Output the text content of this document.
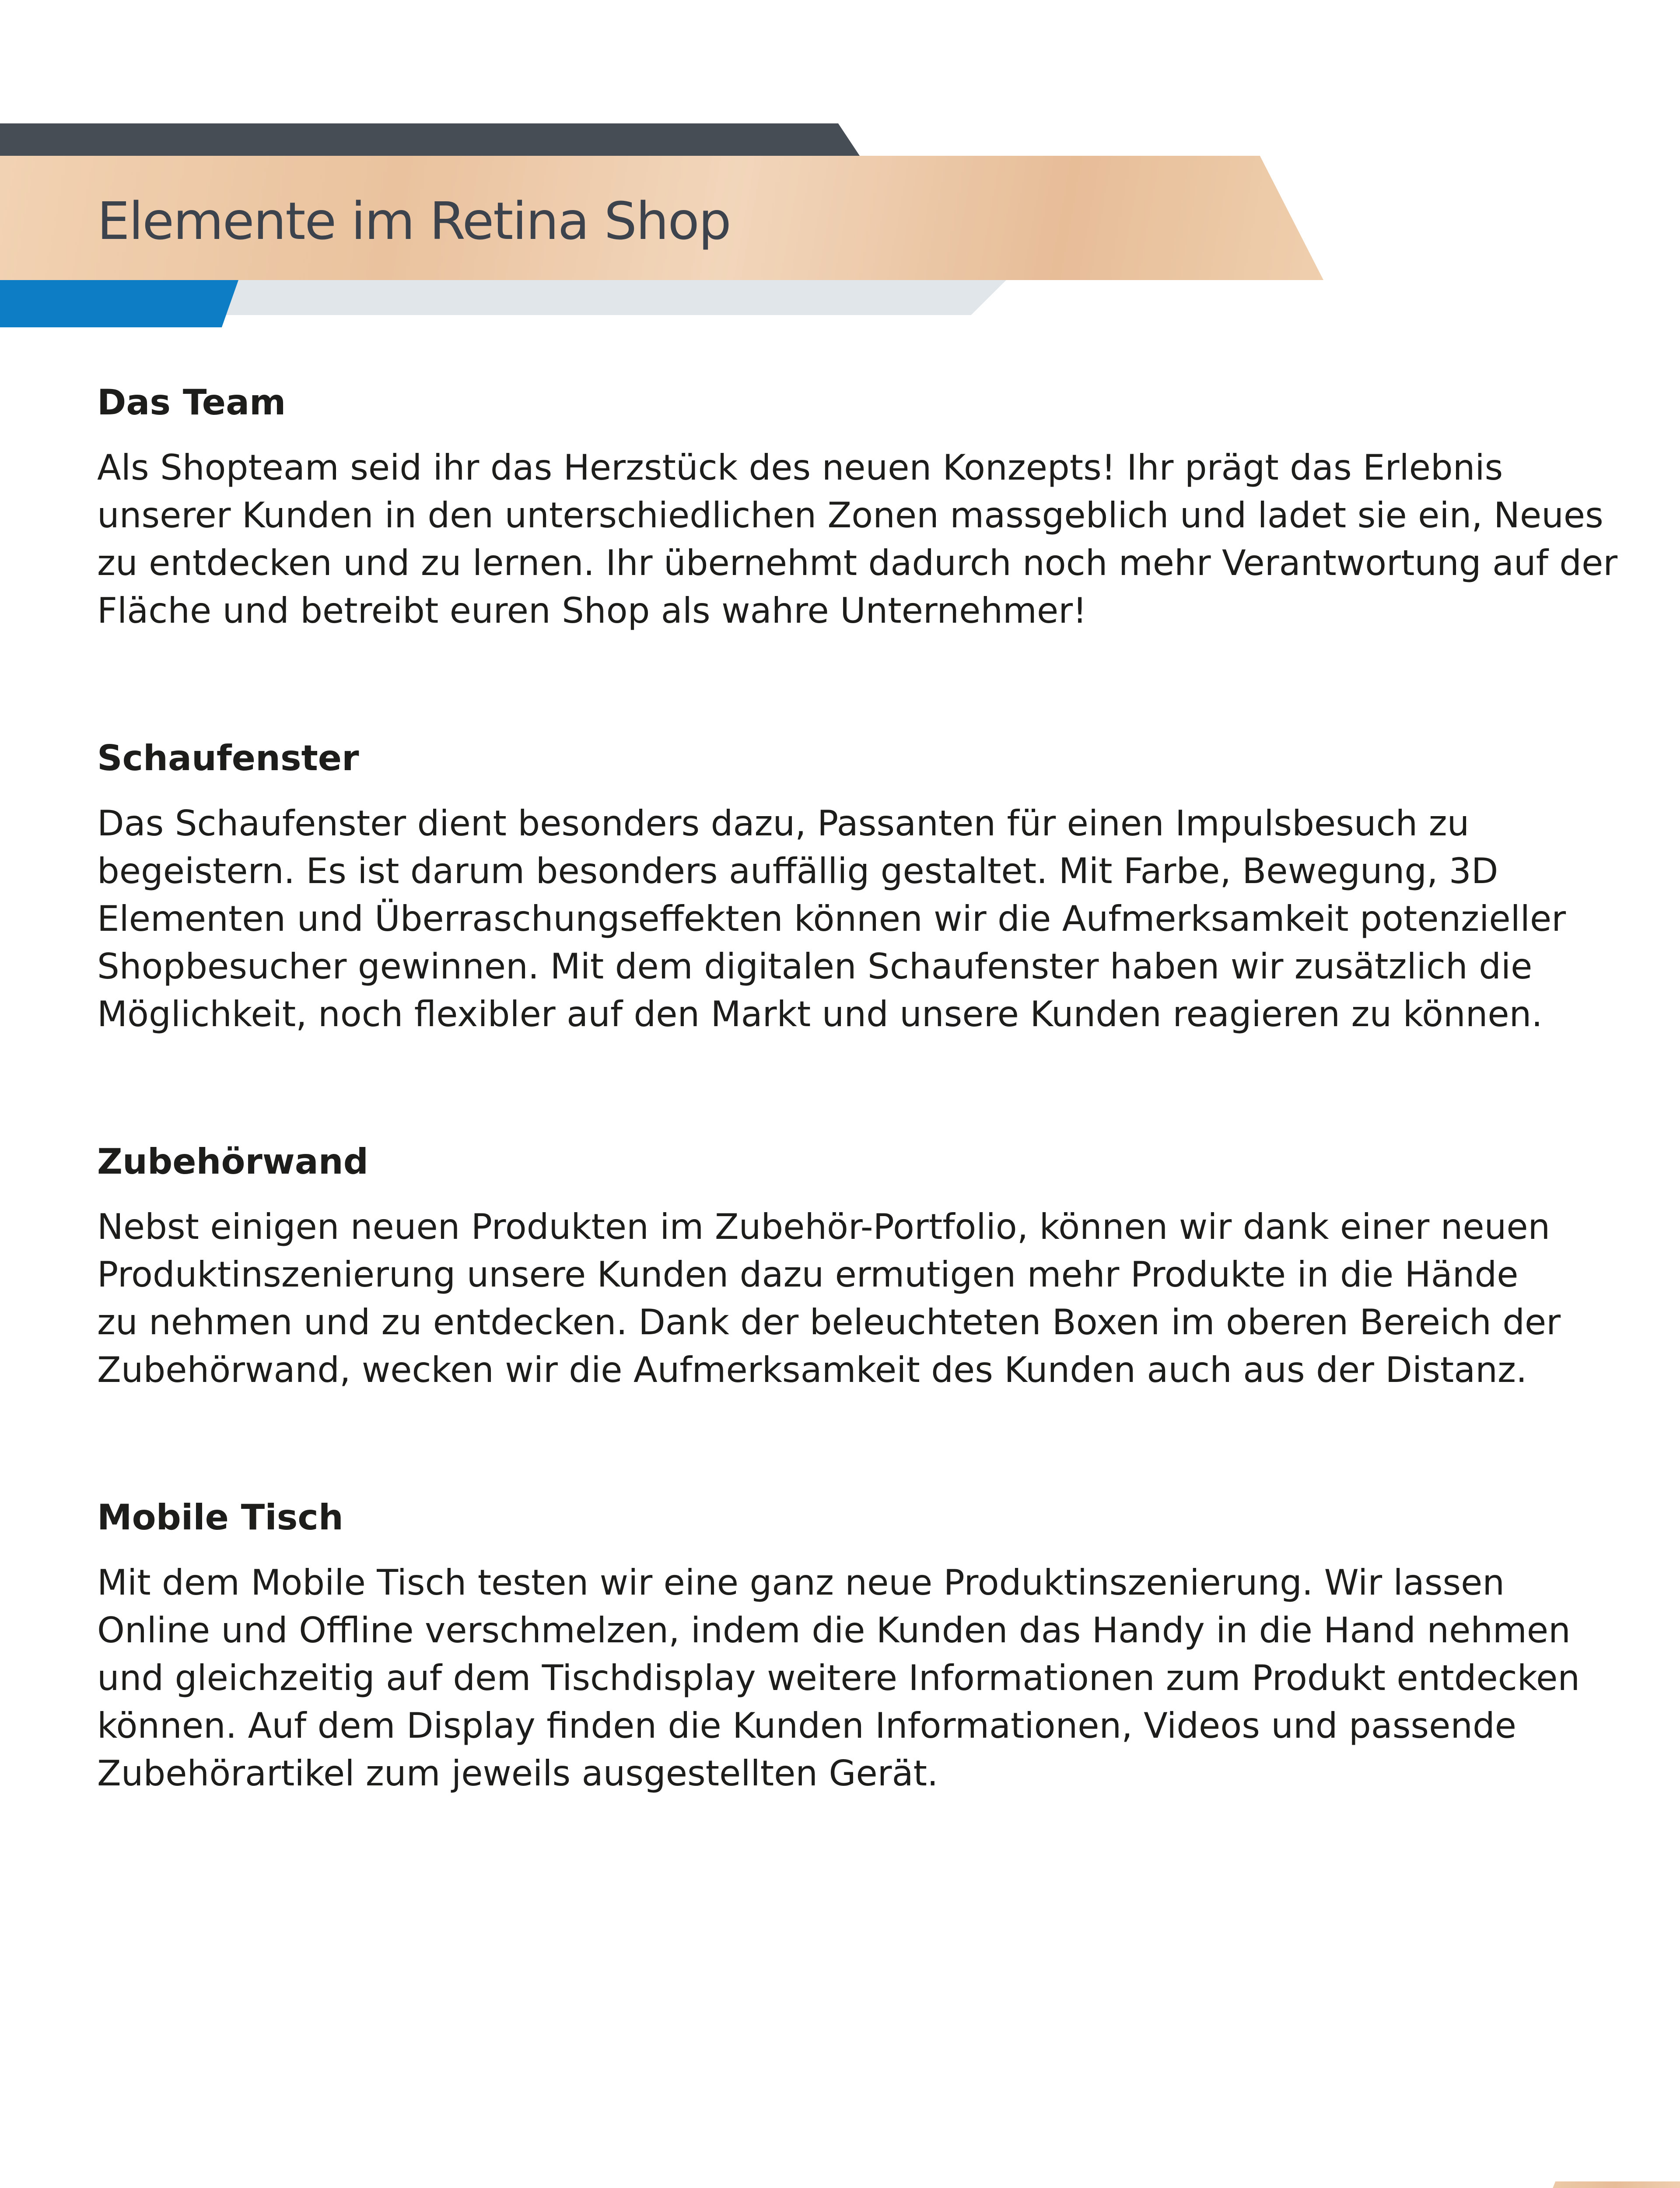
Elemente im Retina Shop
Das Team

Als Shopteam seid ihr das Herzstück des neuen Konzepts! Ihr prägt das Erlebnis
unserer Kunden in den unterschiedlichen Zonen massgeblich und ladet sie ein, Neues
zu entdecken und zu lernen. Ihr übernehmt dadurch noch mehr Verantwortung auf der
Fläche und betreibt euren Shop als wahre Unternehmer!

Schaufenster

Das Schaufenster dient besonders dazu, Passanten für einen Impulsbesuch zu
begeistern. Es ist darum besonders auffällig gestaltet. Mit Farbe, Bewegung, 3D
Elementen und Überraschungseffekten können wir die Aufmerksamkeit potenzieller
Shopbesucher gewinnen. Mit dem digitalen Schaufenster haben wir zusätzlich die
Möglichkeit, noch flexibler auf den Markt und unsere Kunden reagieren zu können.

Zubehörwand

Nebst einigen neuen Produkten im Zubehör-Portfolio, können wir dank einer neuen
Produktinszenierung unsere Kunden dazu ermutigen mehr Produkte in die Hände
zu nehmen und zu entdecken. Dank der beleuchteten Boxen im oberen Bereich der
Zubehörwand, wecken wir die Aufmerksamkeit des Kunden auch aus der Distanz.

Mobile Tisch

Mit dem Mobile Tisch testen wir eine ganz neue Produktinszenierung. Wir lassen
Online und Offline verschmelzen, indem die Kunden das Handy in die Hand nehmen
und gleichzeitig auf dem Tischdisplay weitere Informationen zum Produkt entdecken
können. Auf dem Display finden die Kunden Informationen, Videos und passende
Zubehörartikel zum jeweils ausgestellten Gerät.
